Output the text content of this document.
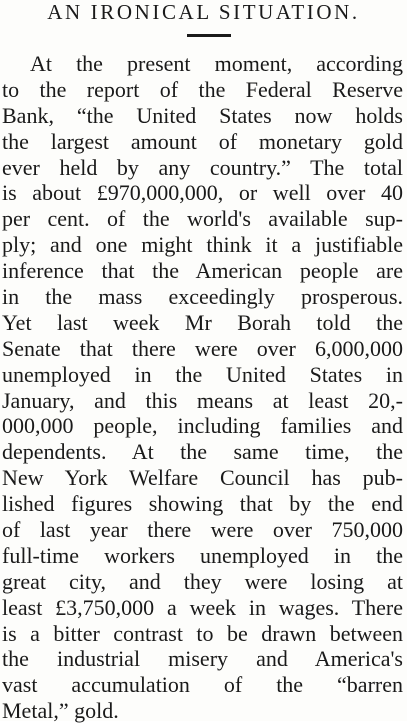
AN IRONICAL SITUATION.
At the present moment, according
to the report of the Federal Reserve
Bank, “the United States now holds
the largest amount of monetary gold
ever held by any country.” The total
is about £970,000,000, or well over 40
per cent. of the world's available sup-
ply; and one might think it a justifiable
inference that the American people are
in the mass exceedingly prosperous.
Yet last week Mr Borah told the
Senate that there were over 6,000,000
unemployed in the United States in
January, and this means at least 20,-
000,000 people, including families and
dependents. At the same time, the
New York Welfare Council has pub-
lished figures showing that by the end
of last year there were over 750,000
full-time workers unemployed in the
great city, and they were losing at
least £3,750,000 a week in wages. There
is a bitter contrast to be drawn between
the industrial misery and America's
vast accumulation of the “barren
Metal,” gold.
